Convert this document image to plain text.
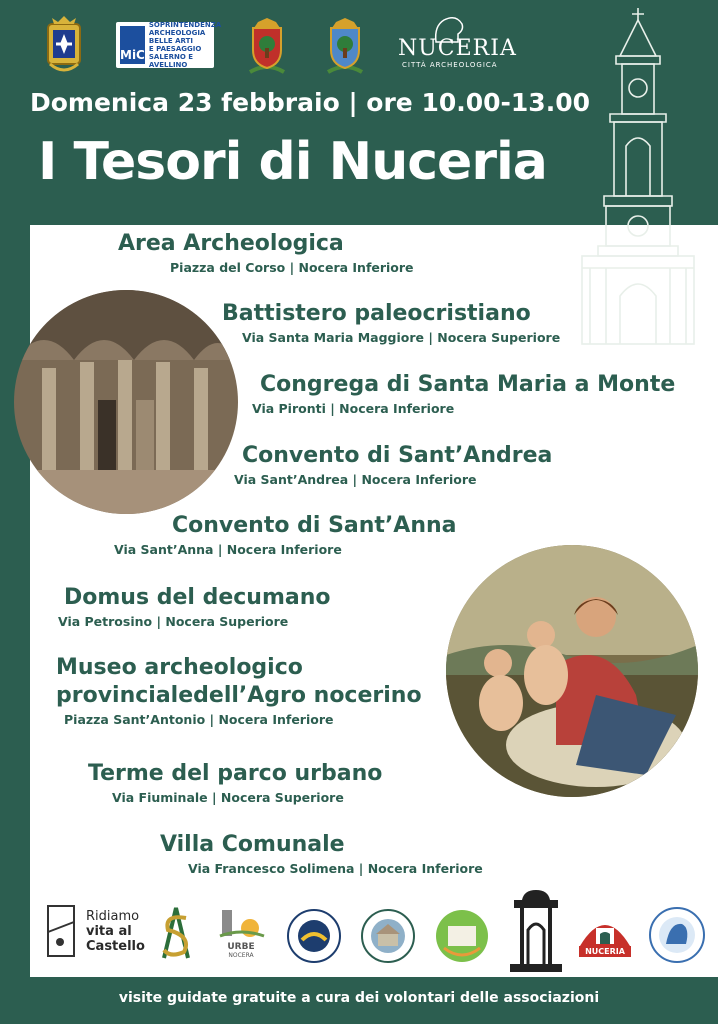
MiC
SOPRINTENDENZA
ARCHEOLOGIA
BELLE ARTI
E PAESAGGIO
SALERNO E AVELLINO
NUCERIA
CITTÀ ARCHEOLOGICA
Domenica 23 febbraio | ore 10.00-13.00
I Tesori di Nuceria
Area Archeologica
Piazza del Corso | Nocera Inferiore
Battistero paleocristiano
Via Santa Maria Maggiore | Nocera Superiore
Congrega di Santa Maria a Monte
Via Pironti | Nocera Inferiore
Convento di Sant’Andrea
Via Sant’Andrea | Nocera Inferiore
Convento di Sant’Anna
Via Sant’Anna | Nocera Inferiore
Domus del decumano
Via Petrosino | Nocera Superiore
Museo archeologico
provincialedell’Agro nocerino
Piazza Sant’Antonio | Nocera Inferiore
Terme del parco urbano
Via Fiuminale | Nocera Superiore
Villa Comunale
Via Francesco Solimena | Nocera Inferiore
Ridiamo
vita al
Castello	URBE
NOCERA	NUCERIA
visite guidate gratuite a cura dei volontari delle associazioni
